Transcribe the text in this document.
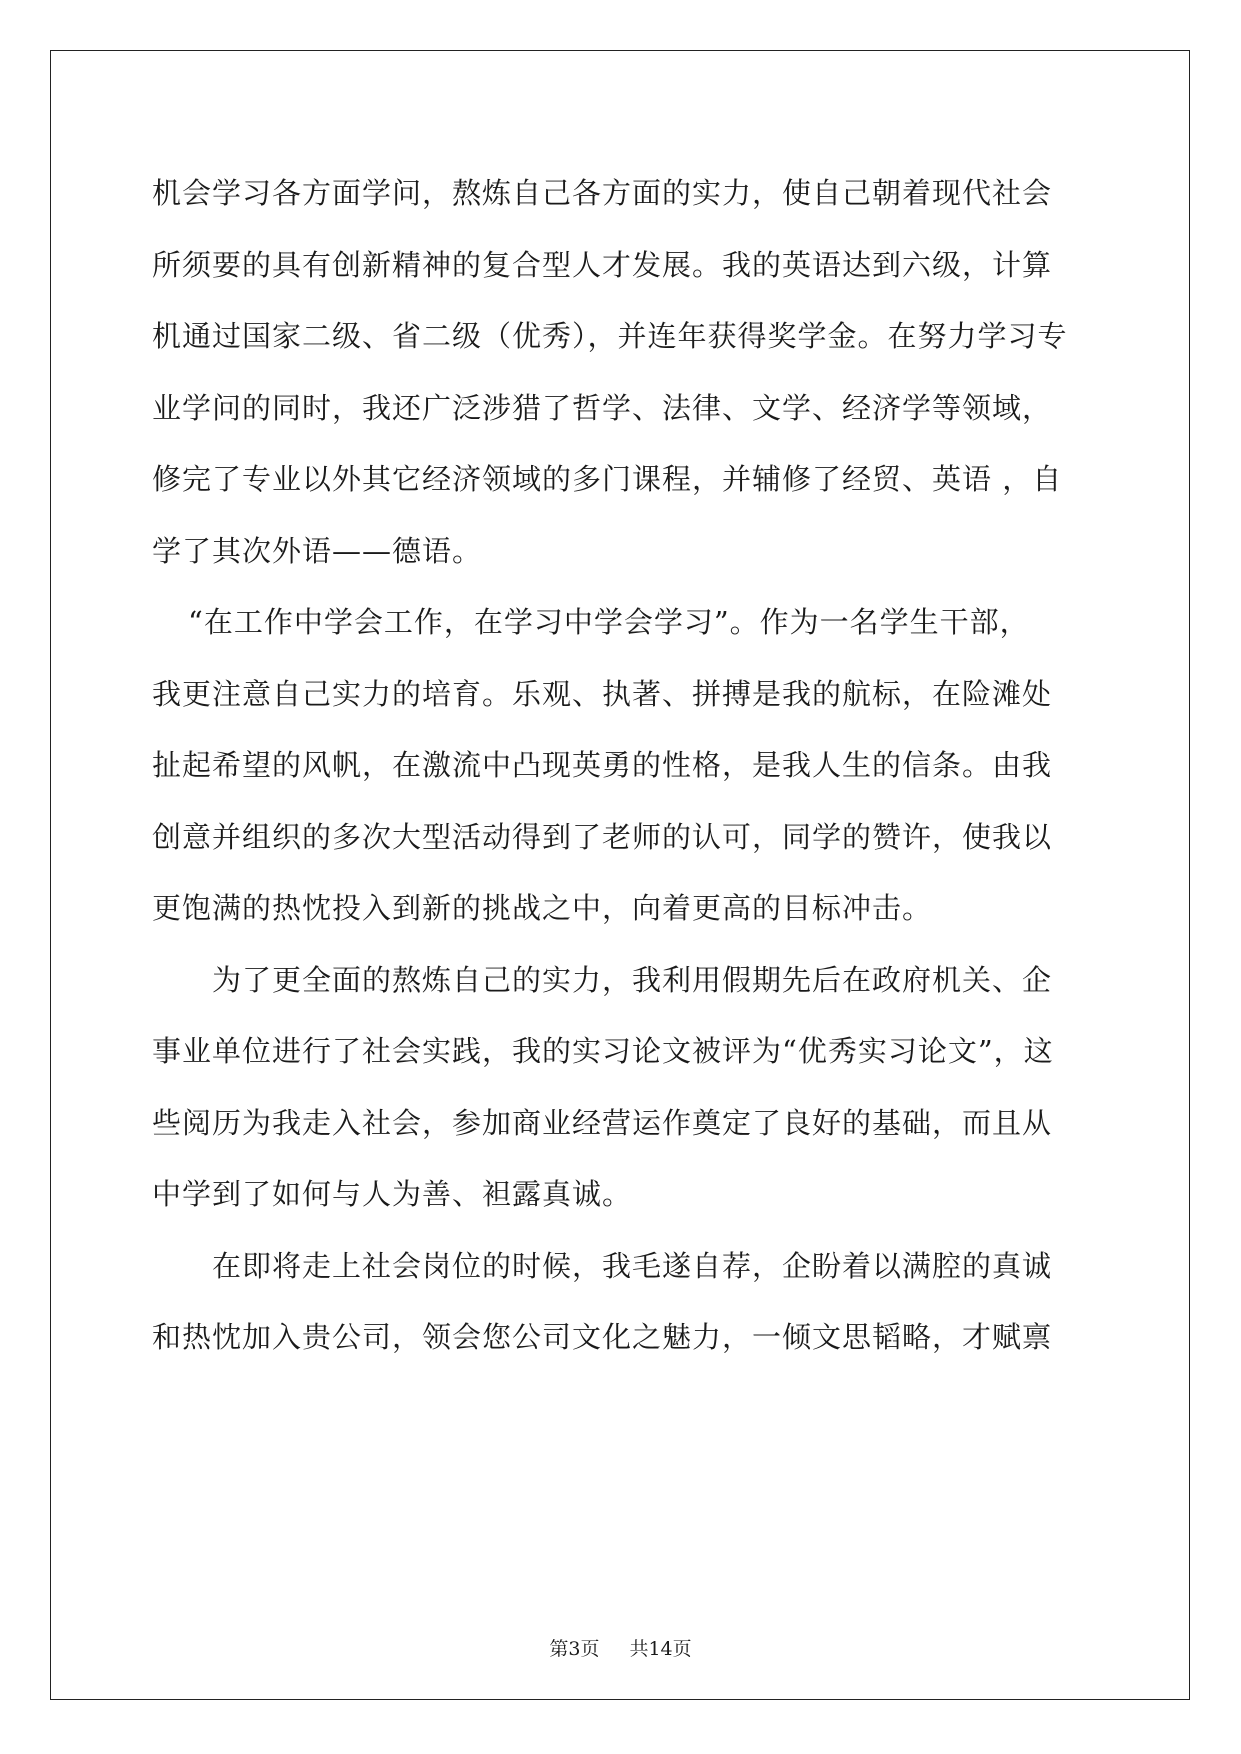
机会学习各方面学问，熬炼自己各方面的实力，使自己朝着现代社会
所须要的具有创新精神的复合型人才发展。我的英语达到六级，计算
机通过国家二级、省二级（优秀），并连年获得奖学金。在努力学习专
业学问的同时，我还广泛涉猎了哲学、法律、文学、经济学等领域，
修完了专业以外其它经济领域的多门课程，并辅修了经贸、英语 ，自
学了其次外语——德语。
“在工作中学会工作，在学习中学会学习”。作为一名学生干部，
我更注意自己实力的培育。乐观、执著、拼搏是我的航标，在险滩处
扯起希望的风帆，在激流中凸现英勇的性格，是我人生的信条。由我
创意并组织的多次大型活动得到了老师的认可，同学的赞许，使我以
更饱满的热忱投入到新的挑战之中，向着更高的目标冲击。
为了更全面的熬炼自己的实力，我利用假期先后在政府机关、企
事业单位进行了社会实践，我的实习论文被评为“优秀实习论文”，这
些阅历为我走入社会，参加商业经营运作奠定了良好的基础，而且从
中学到了如何与人为善、袒露真诚。
在即将走上社会岗位的时候，我毛遂自荐，企盼着以满腔的真诚
和热忱加入贵公司，领会您公司文化之魅力，一倾文思韬略，才赋禀
第3页 共14页
